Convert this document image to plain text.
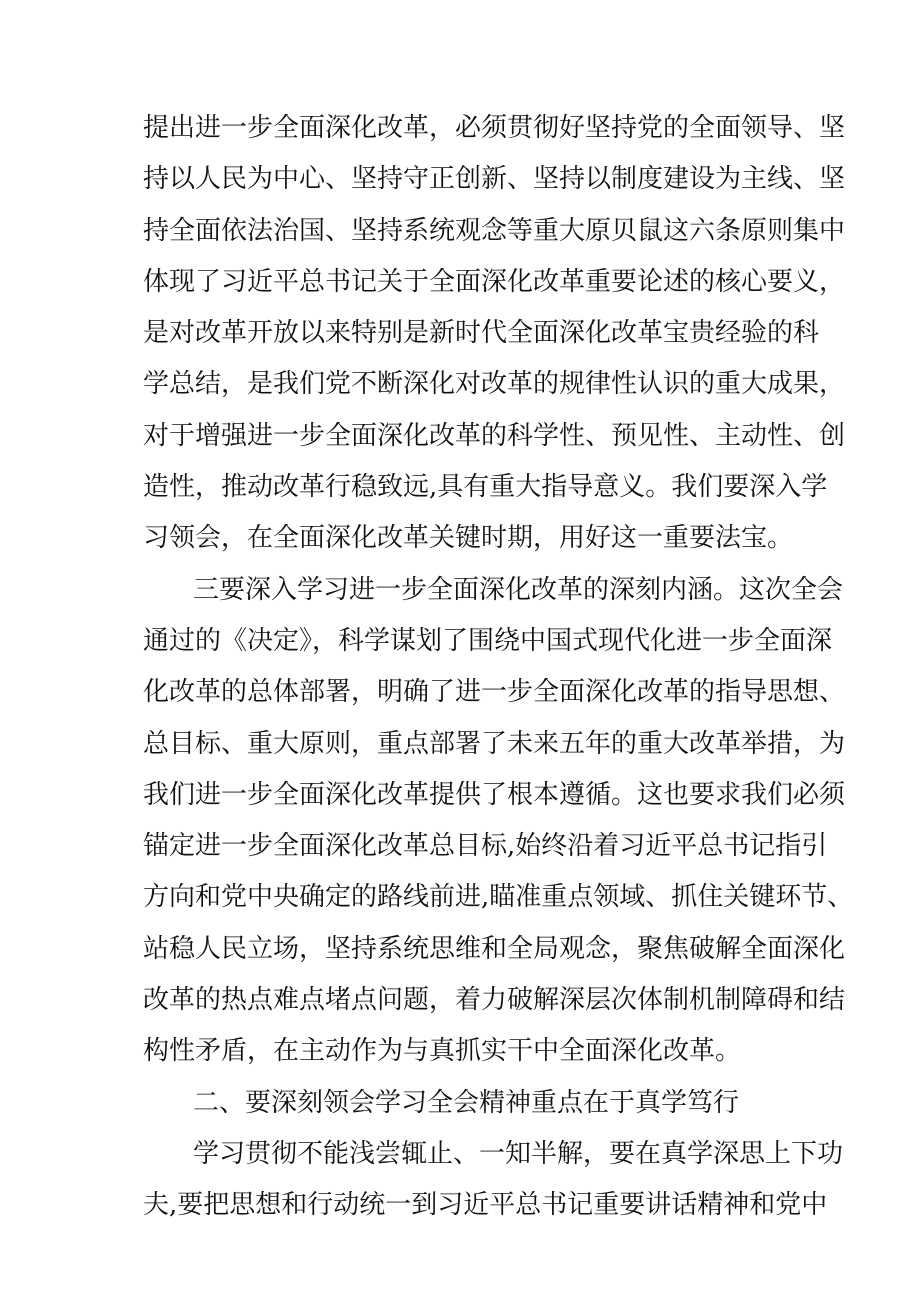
提出进一步全面深化改革，必须贯彻好坚持党的全面领导、坚
持以人民为中心、坚持守正创新、坚持以制度建设为主线、坚
持全面依法治国、坚持系统观念等重大原贝鼠这六条原则集中
体现了习近平总书记关于全面深化改革重要论述的核心要义，
是对改革开放以来特别是新时代全面深化改革宝贵经验的科
学总结，是我们党不断深化对改革的规律性认识的重大成果，
对于增强进一步全面深化改革的科学性、预见性、主动性、创
造性，推动改革行稳致远,具有重大指导意义。我们要深入学
习领会，在全面深化改革关键时期，用好这一重要法宝。
三要深入学习进一步全面深化改革的深刻内涵。这次全会
通过的《决定》，科学谋划了围绕中国式现代化进一步全面深
化改革的总体部署，明确了进一步全面深化改革的指导思想、
总目标、重大原则，重点部署了未来五年的重大改革举措，为
我们进一步全面深化改革提供了根本遵循。这也要求我们必须
锚定进一步全面深化改革总目标,始终沿着习近平总书记指引
方向和党中央确定的路线前进,瞄准重点领域、抓住关键环节、
站稳人民立场，坚持系统思维和全局观念，聚焦破解全面深化
改革的热点难点堵点问题，着力破解深层次体制机制障碍和结
构性矛盾，在主动作为与真抓实干中全面深化改革。
二、要深刻领会学习全会精神重点在于真学笃行
学习贯彻不能浅尝辄止、一知半解，要在真学深思上下功
夫,要把思想和行动统一到习近平总书记重要讲话精神和党中
